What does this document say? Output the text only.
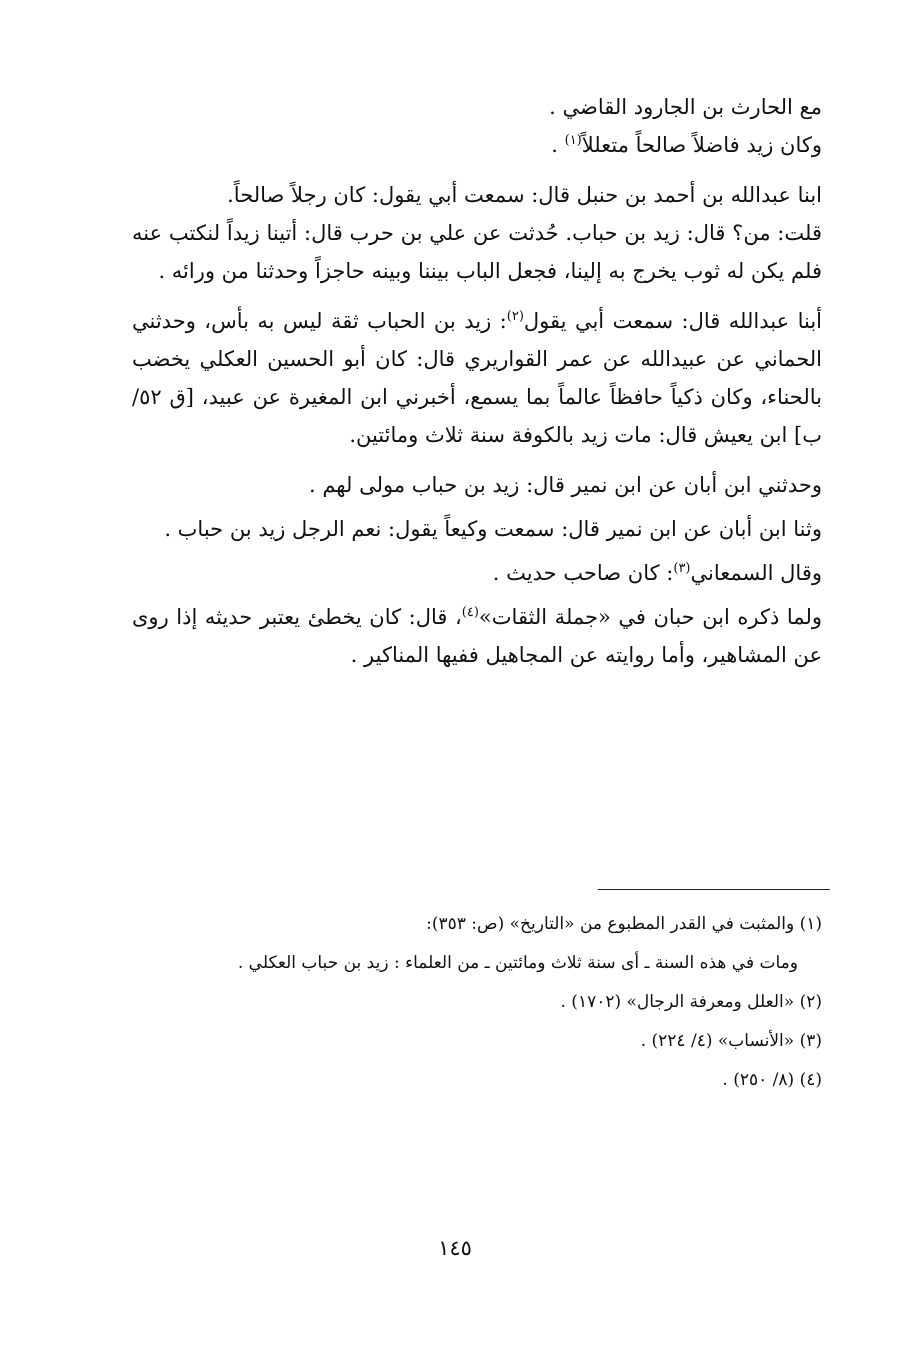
مع الحارث بن الجارود القاضي .

وكان زيد فاضلاً صالحاً متعللاً$^{(١)}$ .

ابنا عبدالله بن أحمد بن حنبل قال: سمعت أبي يقول: كان رجلاً صالحاً.

قلت: من؟ قال: زيد بن حباب. حُدثت عن علي بن حرب قال: أتينا زيداً لنكتب عنه فلم يكن له ثوب يخرج به إلينا، فجعل الباب بيننا وبينه حاجزاً وحدثنا من ورائه .

أبنا عبدالله قال: سمعت أبي يقول$^{(٢)}$: زيد بن الحباب ثقة ليس به بأس، وحدثني الحماني عن عبيدالله عن عمر القواريري قال: كان أبو الحسين العكلي يخضب بالحناء، وكان ذكياً حافظاً عالماً بما يسمع، أخبرني ابن المغيرة عن عبيد، [ق ٥٢/ب] ابن يعيش قال: مات زيد بالكوفة سنة ثلاث ومائتين.

وحدثني ابن أبان عن ابن نمير قال: زيد بن حباب مولى لهم .

وثنا ابن أبان عن ابن نمير قال: سمعت وكيعاً يقول: نعم الرجل زيد بن حباب .

وقال السمعاني$^{(٣)}$: كان صاحب حديث .

ولما ذكره ابن حبان في «جملة الثقات»$^{(٤)}$، قال: كان يخطئ يعتبر حديثه إذا روى عن المشاهير، وأما روايته عن المجاهيل ففيها المناكير .

(١) والمثبت في القدر المطبوع من «التاريخ» (ص: ٣٥٣):

ومات في هذه السنة ـ أى سنة ثلاث ومائتين ـ من العلماء : زيد بن حباب العكلي .

(٢) «العلل ومعرفة الرجال» (١٧٠٢) .

(٣) «الأنساب» (٤/ ٢٢٤) .

(٤) (٨/ ٢٥٠) .

١٤٥
